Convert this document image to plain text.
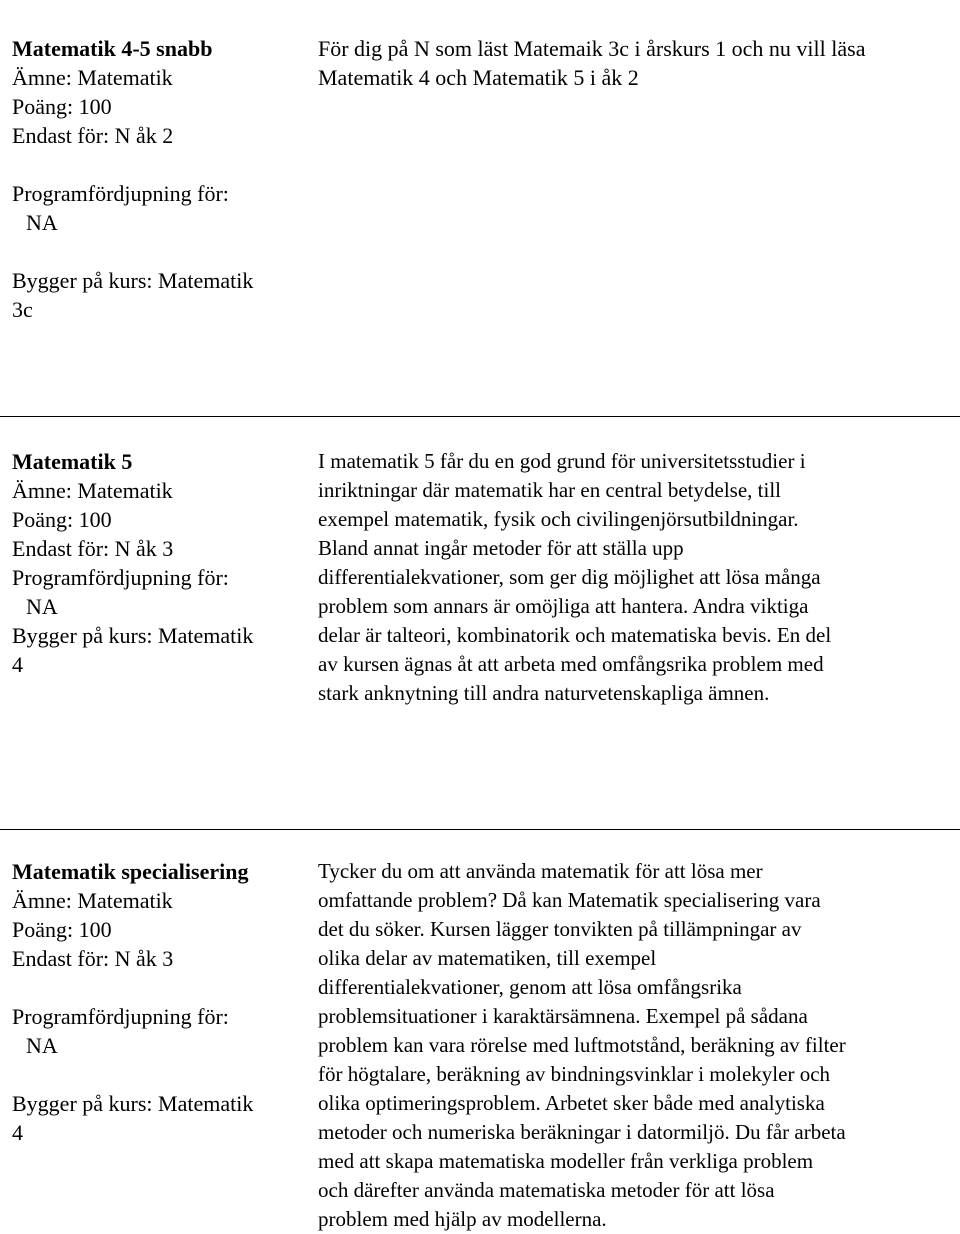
Matematik 4-5 snabb
Ämne: Matematik
Poäng: 100
Endast för: N åk 2
Programfördjupning för:
NA
Bygger på kurs: Matematik
3c
För dig på N som läst Matemaik 3c i årskurs 1 och nu vill läsa
Matematik 4 och Matematik 5 i åk 2
Matematik 5
Ämne: Matematik
Poäng: 100
Endast för: N åk 3
Programfördjupning för:
NA
Bygger på kurs: Matematik
4
I matematik 5 får du en god grund för universitetsstudier i
inriktningar där matematik har en central betydelse, till
exempel matematik, fysik och civilingenjörsutbildningar.
Bland annat ingår metoder för att ställa upp
differentialekvationer, som ger dig möjlighet att lösa många
problem som annars är omöjliga att hantera. Andra viktiga
delar är talteori, kombinatorik och matematiska bevis. En del
av kursen ägnas åt att arbeta med omfångsrika problem med
stark anknytning till andra naturvetenskapliga ämnen.
Matematik specialisering
Ämne: Matematik
Poäng: 100
Endast för: N åk 3
Programfördjupning för:
NA
Bygger på kurs: Matematik
4
Tycker du om att använda matematik för att lösa mer
omfattande problem? Då kan Matematik specialisering vara
det du söker. Kursen lägger tonvikten på tillämpningar av
olika delar av matematiken, till exempel
differentialekvationer, genom att lösa omfångsrika
problemsituationer i karaktärsämnena. Exempel på sådana
problem kan vara rörelse med luftmotstånd, beräkning av filter
för högtalare, beräkning av bindningsvinklar i molekyler och
olika optimeringsproblem. Arbetet sker både med analytiska
metoder och numeriska beräkningar i datormiljö. Du får arbeta
med att skapa matematiska modeller från verkliga problem
och därefter använda matematiska metoder för att lösa
problem med hjälp av modellerna.
